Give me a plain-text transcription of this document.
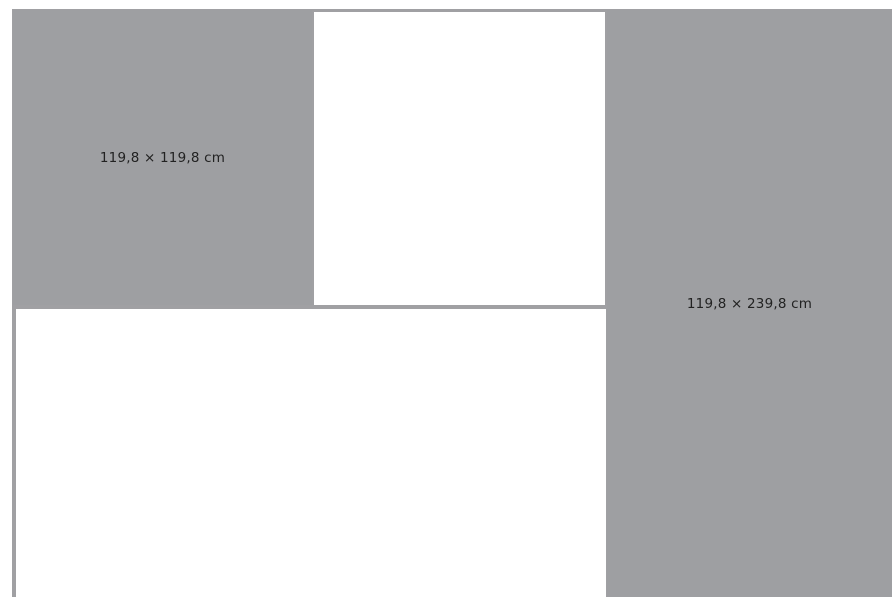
119,8 × 119,8 cm
119,8 × 239,8 cm
